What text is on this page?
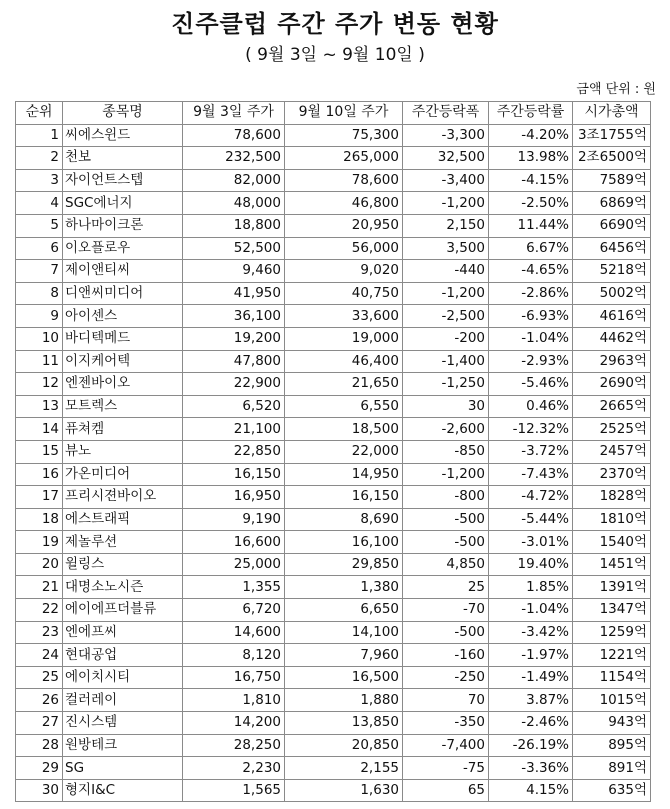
진주클럽 주간 주가 변동 현황
( 9월 3일 ~ 9월 10일 )
금액 단위 : 원
순위	종목명	9월 3일 주가	9월 10일 주가	주간등락폭	주간등락률	시가총액
1	씨에스윈드	78,600	75,300	-3,300	-4.20%	3조1755억
2	천보	232,500	265,000	32,500	13.98%	2조6500억
3	자이언트스텝	82,000	78,600	-3,400	-4.15%	7589억
4	SGC에너지	48,000	46,800	-1,200	-2.50%	6869억
5	하나마이크론	18,800	20,950	2,150	11.44%	6690억
6	이오플로우	52,500	56,000	3,500	6.67%	6456억
7	제이앤티씨	9,460	9,020	-440	-4.65%	5218억
8	디앤씨미디어	41,950	40,750	-1,200	-2.86%	5002억
9	아이센스	36,100	33,600	-2,500	-6.93%	4616억
10	바디텍메드	19,200	19,000	-200	-1.04%	4462억
11	이지케어텍	47,800	46,400	-1,400	-2.93%	2963억
12	엔젠바이오	22,900	21,650	-1,250	-5.46%	2690억
13	모트렉스	6,520	6,550	30	0.46%	2665억
14	퓨쳐켐	21,100	18,500	-2,600	-12.32%	2525억
15	뷰노	22,850	22,000	-850	-3.72%	2457억
16	가온미디어	16,150	14,950	-1,200	-7.43%	2370억
17	프리시젼바이오	16,950	16,150	-800	-4.72%	1828억
18	에스트래픽	9,190	8,690	-500	-5.44%	1810억
19	제놀루션	16,600	16,100	-500	-3.01%	1540억
20	윌링스	25,000	29,850	4,850	19.40%	1451억
21	대명소노시즌	1,355	1,380	25	1.85%	1391억
22	에이에프더블류	6,720	6,650	-70	-1.04%	1347억
23	엔에프씨	14,600	14,100	-500	-3.42%	1259억
24	현대공업	8,120	7,960	-160	-1.97%	1221억
25	에이치시티	16,750	16,500	-250	-1.49%	1154억
26	컬러레이	1,810	1,880	70	3.87%	1015억
27	진시스템	14,200	13,850	-350	-2.46%	943억
28	원방테크	28,250	20,850	-7,400	-26.19%	895억
29	SG	2,230	2,155	-75	-3.36%	891억
30	형지I&C	1,565	1,630	65	4.15%	635억
